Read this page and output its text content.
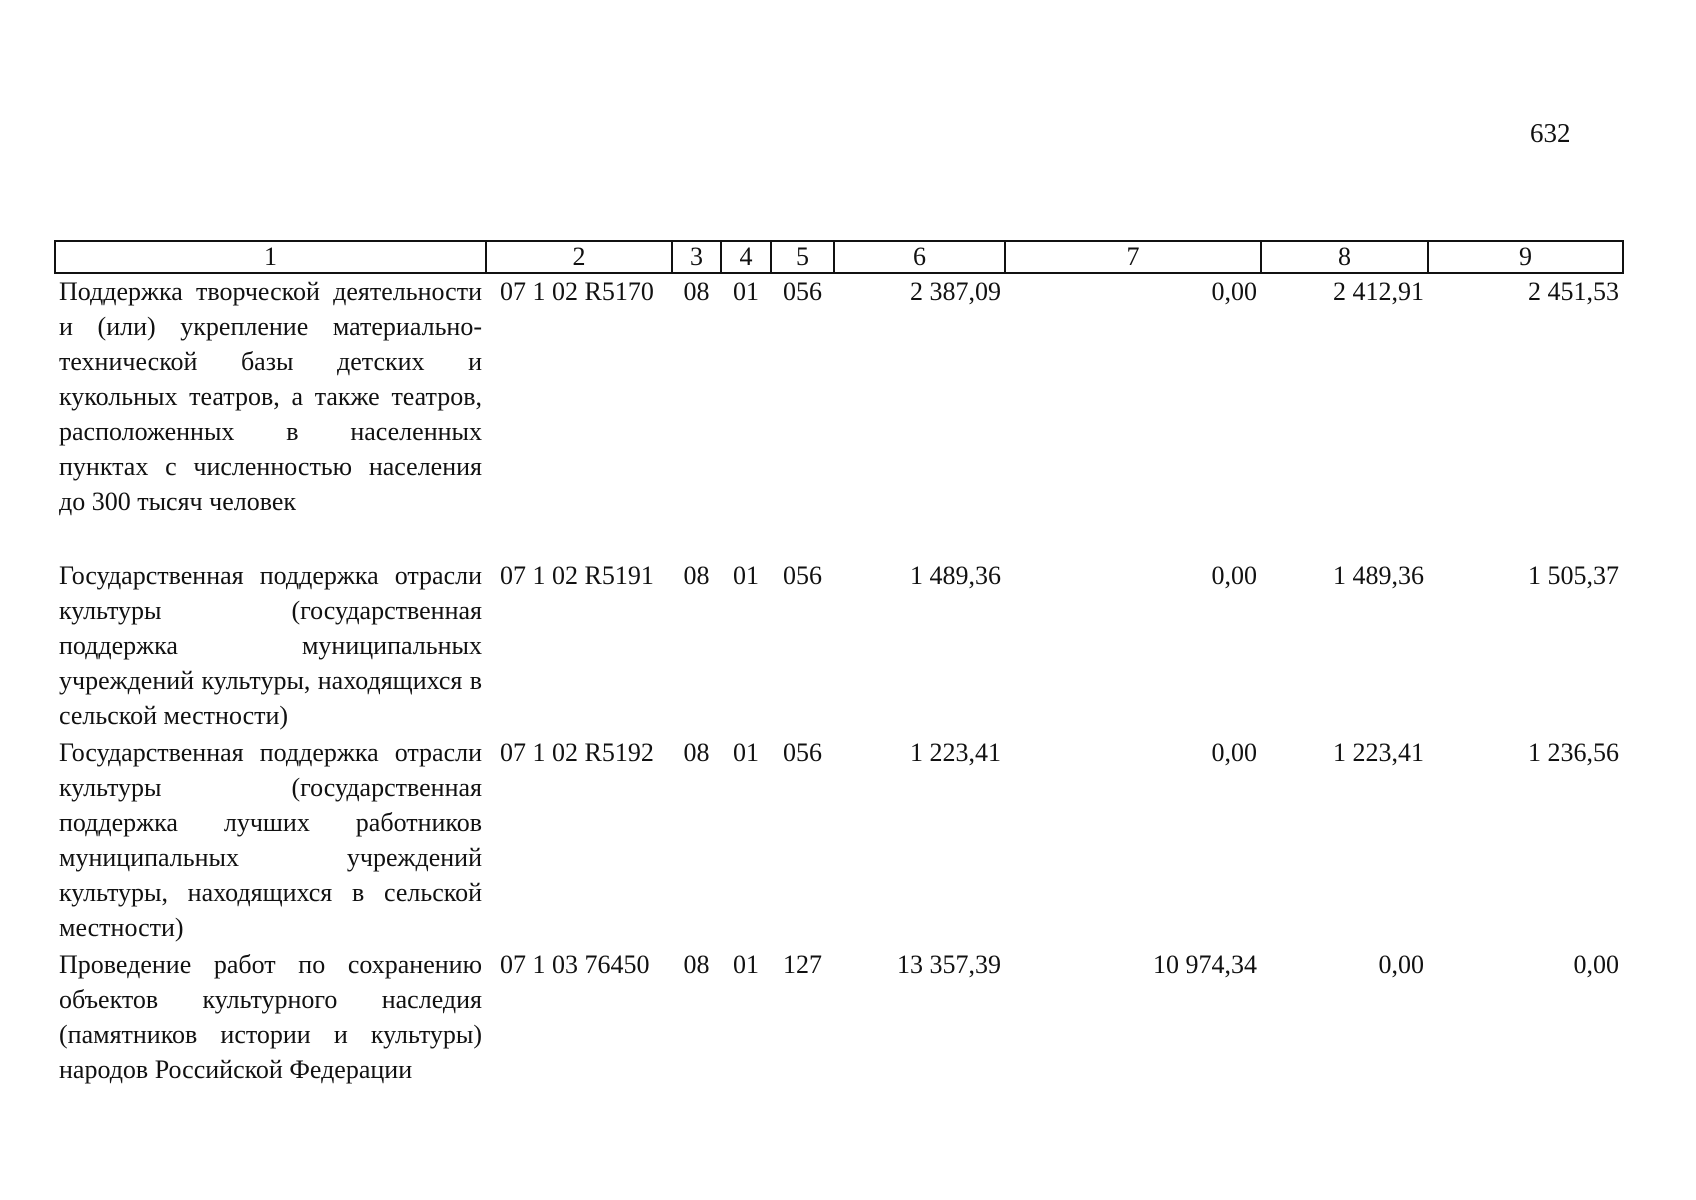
632
1	2	3	4	5	6	7	8	9
Поддержка творческой деятельности и (или) укрепление материально-технической базы детских и кукольных театров, а также театров, расположенных в населенных пунктах с численностью населения до 300 тысяч человек	07 1 02 R5170	08	01	056	2 387,09	0,00	2 412,91	2 451,53
Государственная поддержка отрасли культуры (государственная поддержка муниципальных учреждений культуры, находящихся в сельской местности)	07 1 02 R5191	08	01	056	1 489,36	0,00	1 489,36	1 505,37
Государственная поддержка отрасли культуры (государственная поддержка лучших работников муниципальных учреждений культуры, находящихся в сельской местности)	07 1 02 R5192	08	01	056	1 223,41	0,00	1 223,41	1 236,56
Проведение работ по сохранению объектов культурного наследия (памятников истории и культуры) народов Российской Федерации	07 1 03 76450	08	01	127	13 357,39	10 974,34	0,00	0,00
